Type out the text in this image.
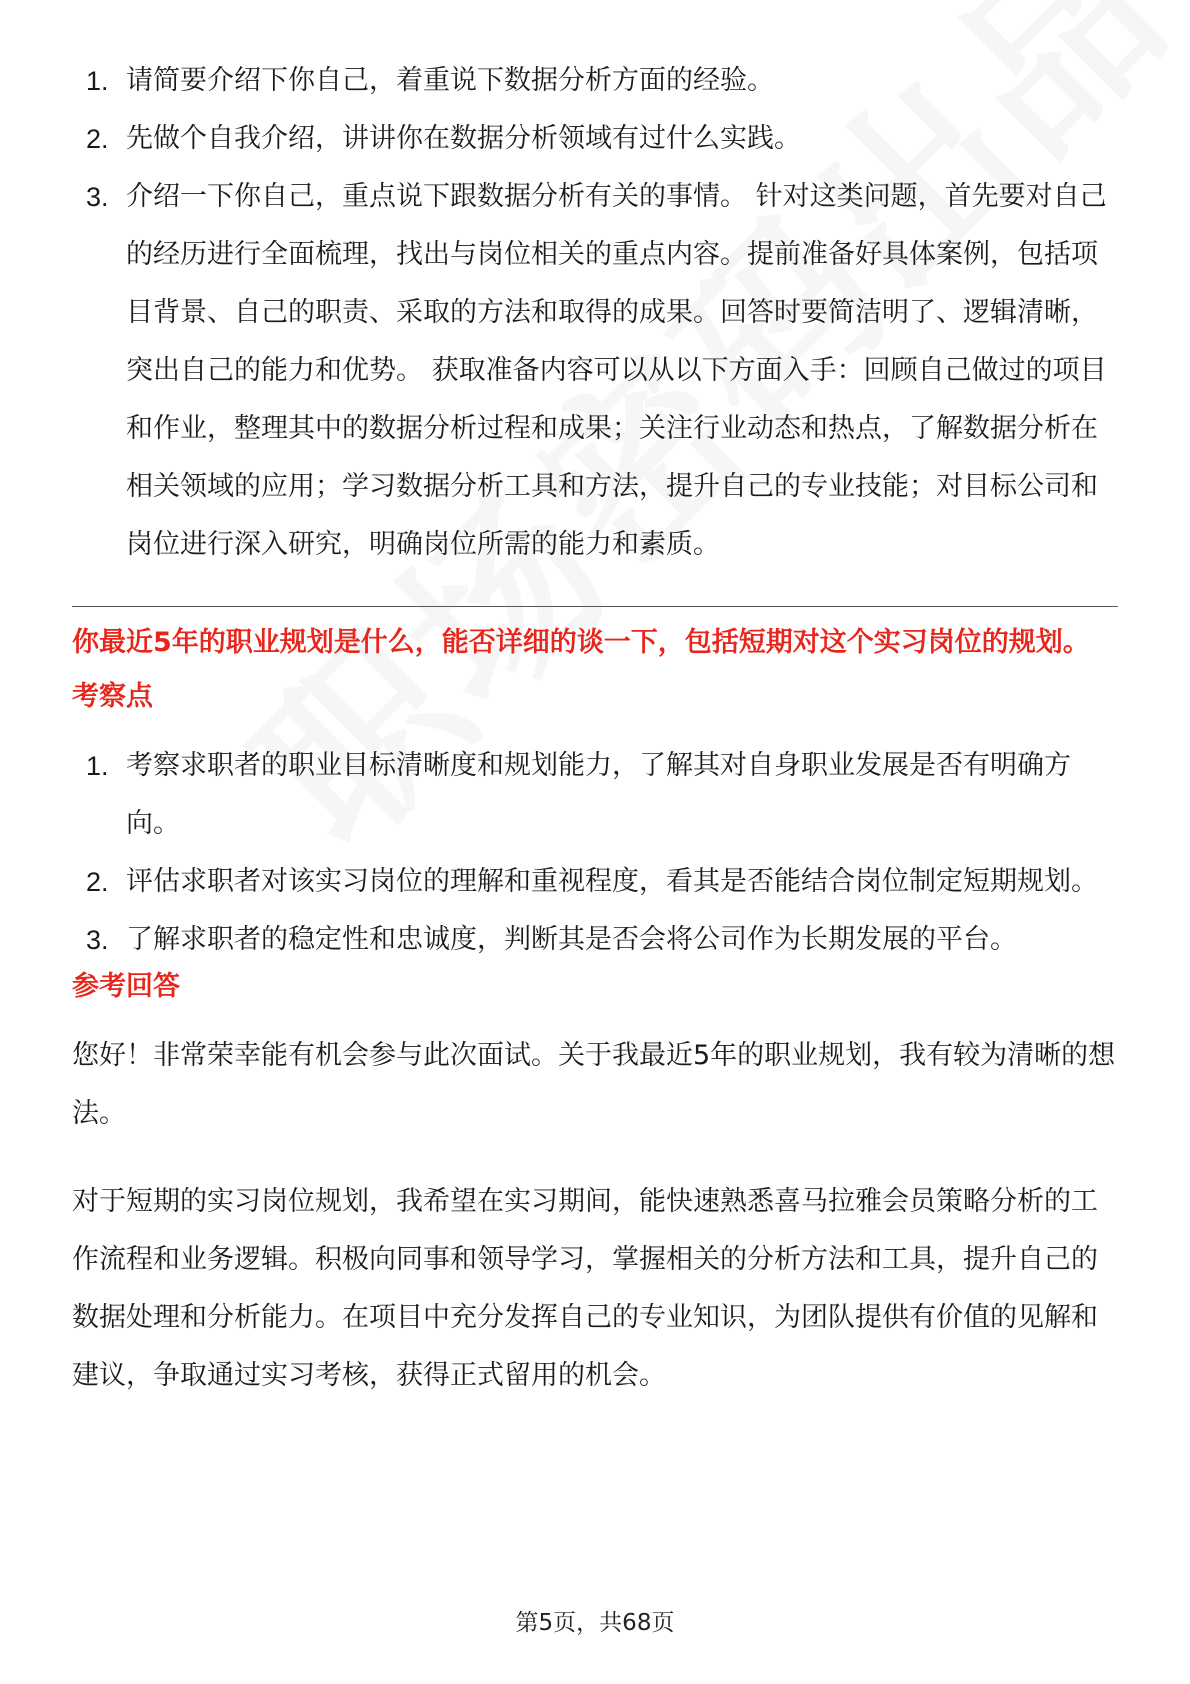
1. 请简要介绍下你自己，着重说下数据分析方面的经验。
2. 先做个自我介绍，讲讲你在数据分析领域有过什么实践。
3. 介绍一下你自己，重点说下跟数据分析有关的事情。 针对这类问题，首先要对自己的经历进行全面梳理，找出与岗位相关的重点内容。提前准备好具体案例，包括项目背景、自己的职责、采取的方法和取得的成果。回答时要简洁明了、逻辑清晰，突出自己的能力和优势。 获取准备内容可以从以下方面入手：回顾自己做过的项目和作业，整理其中的数据分析过程和成果；关注行业动态和热点，了解数据分析在相关领域的应用；学习数据分析工具和方法，提升自己的专业技能；对目标公司和岗位进行深入研究，明确岗位所需的能力和素质。
你最近5年的职业规划是什么，能否详细的谈一下，包括短期对这个实习岗位的规划。
考察点
1. 考察求职者的职业目标清晰度和规划能力，了解其对自身职业发展是否有明确方向。
2. 评估求职者对该实习岗位的理解和重视程度，看其是否能结合岗位制定短期规划。
3. 了解求职者的稳定性和忠诚度，判断其是否会将公司作为长期发展的平台。
参考回答

您好！非常荣幸能有机会参与此次面试。关于我最近5年的职业规划，我有较为清晰的想法。

对于短期的实习岗位规划，我希望在实习期间，能快速熟悉喜马拉雅会员策略分析的工作流程和业务逻辑。积极向同事和领导学习，掌握相关的分析方法和工具，提升自己的数据处理和分析能力。在项目中充分发挥自己的专业知识，为团队提供有价值的见解和建议，争取通过实习考核，获得正式留用的机会。

第5页，共68页
